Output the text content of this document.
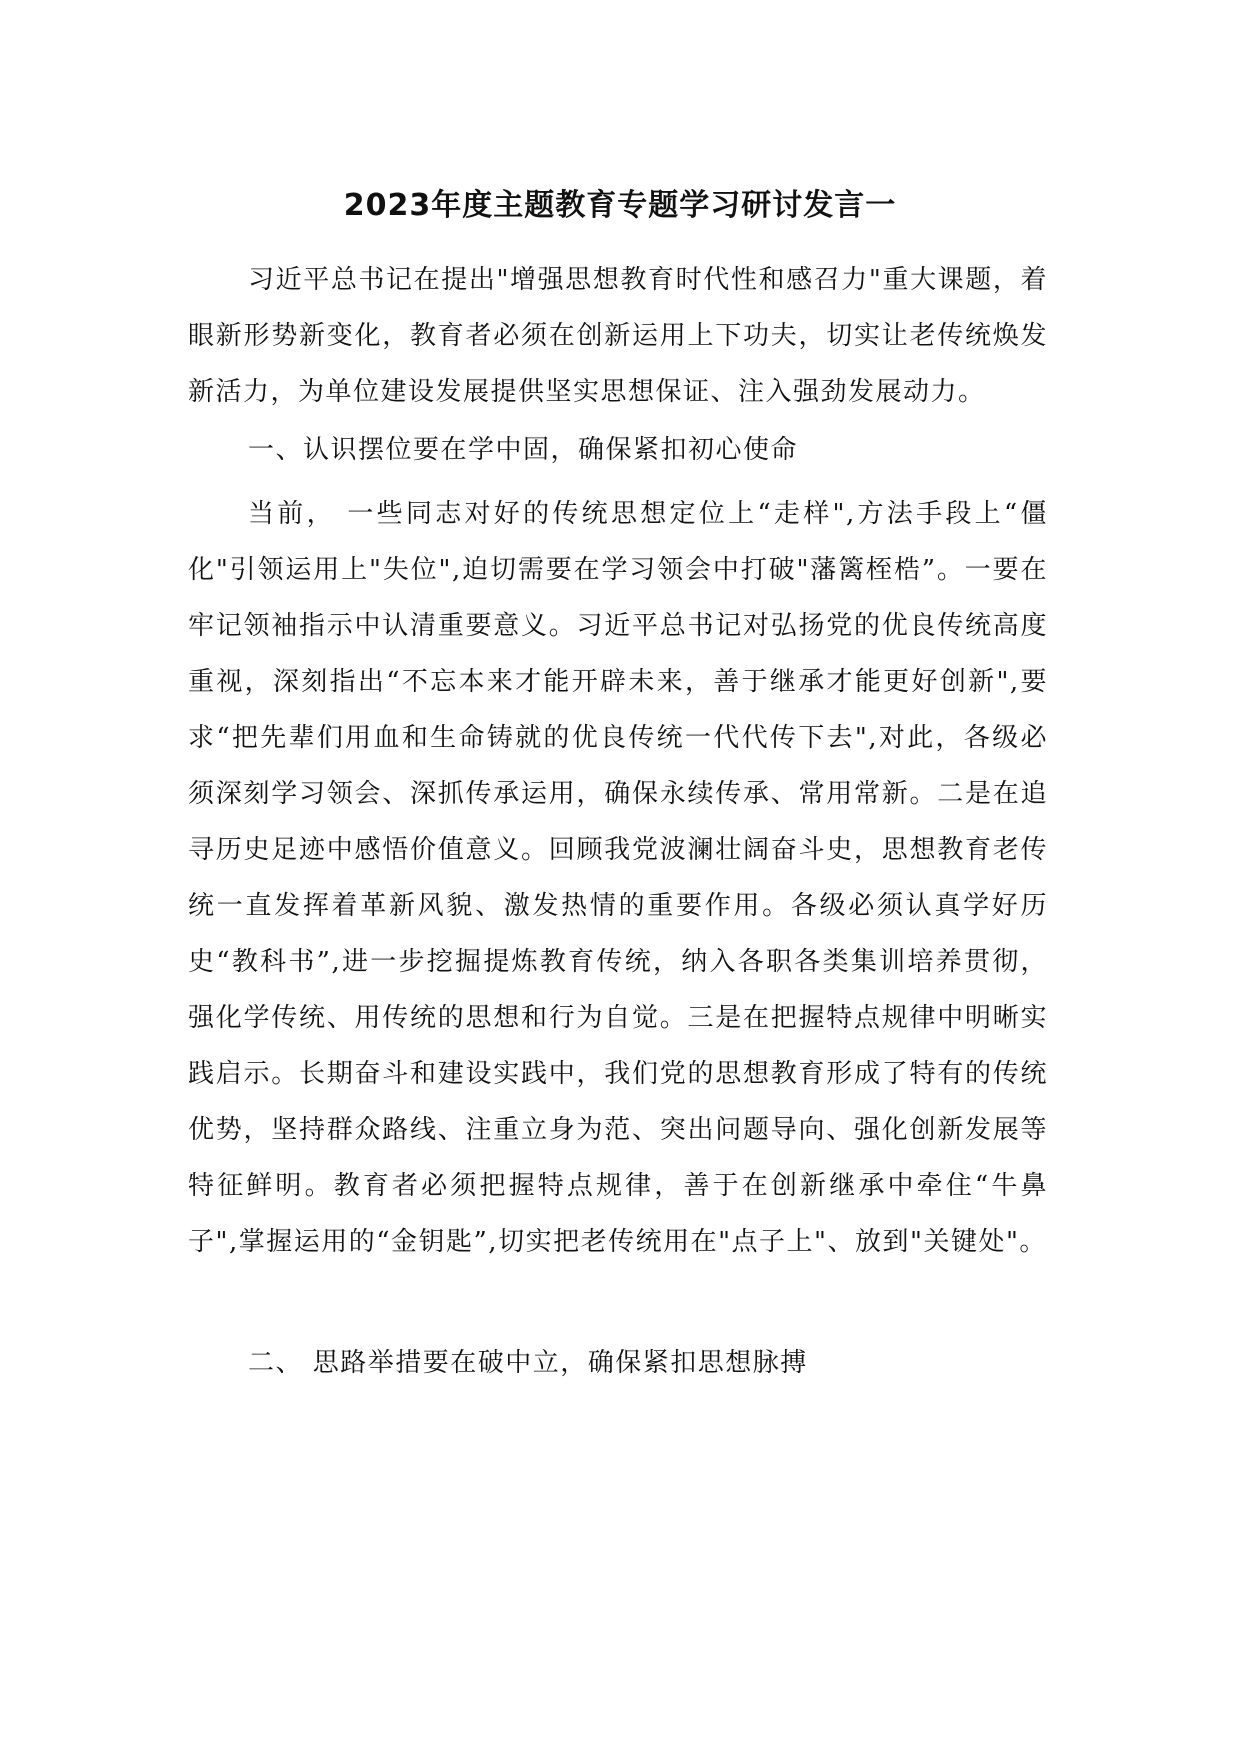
2023年度主题教育专题学习研讨发言一

习近平总书记在提出"增强思想教育时代性和感召力"重大课题，着眼新形势新变化，教育者必须在创新运用上下功夫，切实让老传统焕发新活力，为单位建设发展提供坚实思想保证、注入强劲发展动力。

一、认识摆位要在学中固，确保紧扣初心使命

当前， 一些同志对好的传统思想定位上“走样",方法手段上“僵化"引领运用上"失位",迫切需要在学习领会中打破"藩篱桎梏”。一要在牢记领袖指示中认清重要意义。习近平总书记对弘扬党的优良传统高度重视，深刻指出“不忘本来才能开辟未来，善于继承才能更好创新",要求“把先辈们用血和生命铸就的优良传统一代代传下去",对此，各级必须深刻学习领会、深抓传承运用，确保永续传承、常用常新。二是在追寻历史足迹中感悟价值意义。回顾我党波澜壮阔奋斗史，思想教育老传统一直发挥着革新风貌、激发热情的重要作用。各级必须认真学好历史“教科书”,进一步挖掘提炼教育传统，纳入各职各类集训培养贯彻，强化学传统、用传统的思想和行为自觉。三是在把握特点规律中明晰实践启示。长期奋斗和建设实践中，我们党的思想教育形成了特有的传统优势，坚持群众路线、注重立身为范、突出问题导向、强化创新发展等特征鲜明。教育者必须把握特点规律，善于在创新继承中牵住“牛鼻子",掌握运用的“金钥匙”,切实把老传统用在"点子上"、放到"关键处"。

二、 思路举措要在破中立，确保紧扣思想脉搏
